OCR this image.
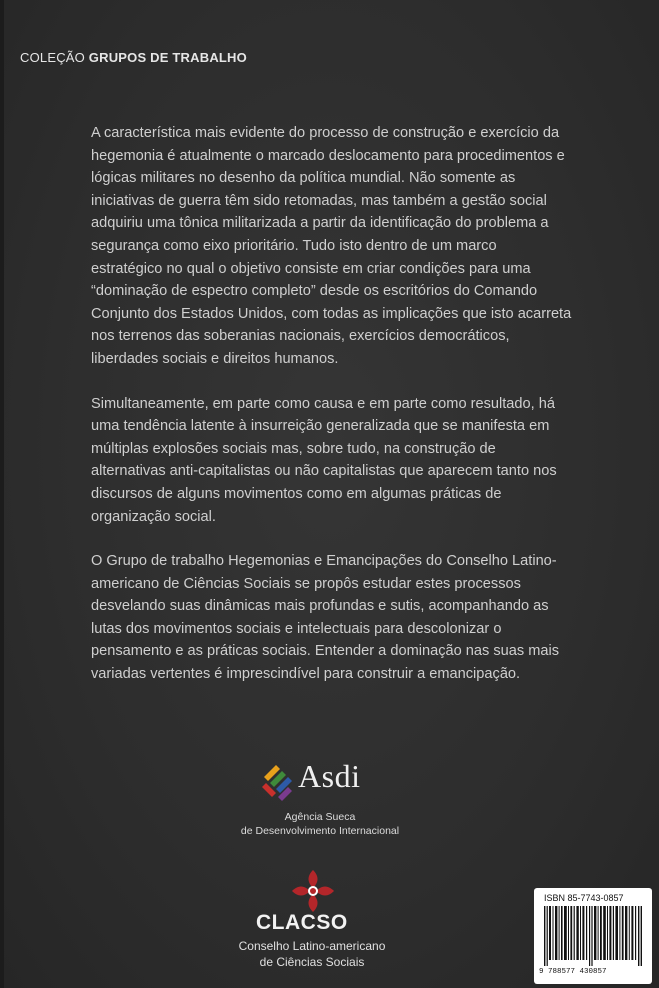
COLEÇÃO GRUPOS DE TRABALHO

A característica mais evidente do processo de construção e exercício da
hegemonia é atualmente o marcado deslocamento para procedimentos e
lógicas militares no desenho da política mundial. Não somente as
iniciativas de guerra têm sido retomadas, mas também a gestão social
adquiriu uma tônica militarizada a partir da identificação do problema a
segurança como eixo prioritário. Tudo isto dentro de um marco
estratégico no qual o objetivo consiste em criar condições para uma
“dominação de espectro completo” desde os escritórios do Comando
Conjunto dos Estados Unidos, com todas as implicações que isto acarreta
nos terrenos das soberanias nacionais, exercícios democráticos,
liberdades sociais e direitos humanos.

Simultaneamente, em parte como causa e em parte como resultado, há
uma tendência latente à insurreição generalizada que se manifesta em
múltiplas explosões sociais mas, sobre tudo, na construção de
alternativas anti-capitalistas ou não capitalistas que aparecem tanto nos
discursos de alguns movimentos como em algumas práticas de
organização social.

O Grupo de trabalho Hegemonias e Emancipações do Conselho Latino-
americano de Ciências Sociais se propôs estudar estes processos
desvelando suas dinâmicas mais profundas e sutis, acompanhando as
lutas dos movimentos sociais e intelectuais para descolonizar o
pensamento e as práticas sociais. Entender a dominação nas suas mais
variadas vertentes é imprescindível para construir a emancipação.

Asdi
Agência Sueca
de Desenvolvimento Internacional
CLACSO
Conselho Latino-americano
de Ciências Sociais
ISBN 85-7743-0857
9 788577 430857
